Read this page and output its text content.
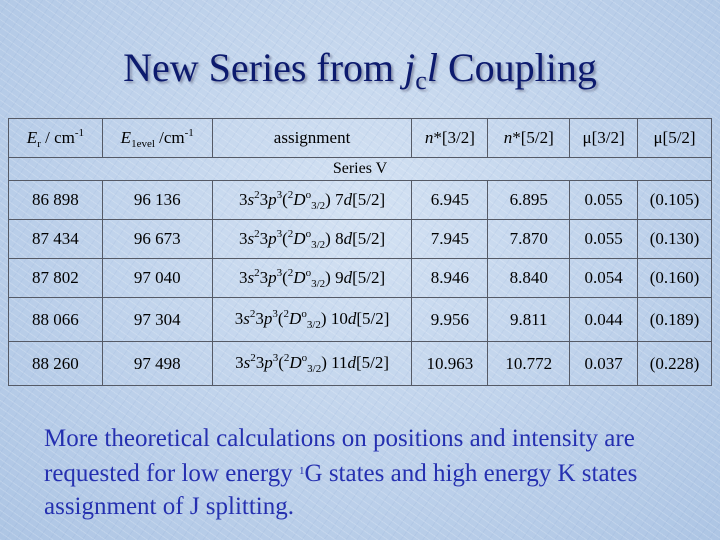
New Series from $j_cl$ Coupling
$E_r / cm^{-1}$	$E_{1evel}$ $/cm^{-1}$	assignment	n*[3/2]	n*[5/2]	μ[3/2]	μ[5/2]
Series V						
86 898	96 136	$3s^23p^3(^2D^o_{3/2})$ 7d[5/2]	6.945	6.895	0.055	(0.105)
87 434	96 673	$3s^23p^3(^2D^o_{3/2})$ 8d[5/2]	7.945	7.870	0.055	(0.130)
87 802	97 040	$3s^23p^3(^2D^o_{3/2})$ 9d[5/2]	8.946	8.840	0.054	(0.160)
88 066	97 304	$3s^23p^3(^2D^o_{3/2})$ 10d[5/2]	9.956	9.811	0.044	(0.189)
88 260	97 498	$3s^23p^3(^2D^o_{3/2})$ 11d[5/2]	10.963	10.772	0.037	(0.228)
More theoretical calculations on positions and intensity are requested for low energy $^1$G states and high energy K states assignment of J splitting.
